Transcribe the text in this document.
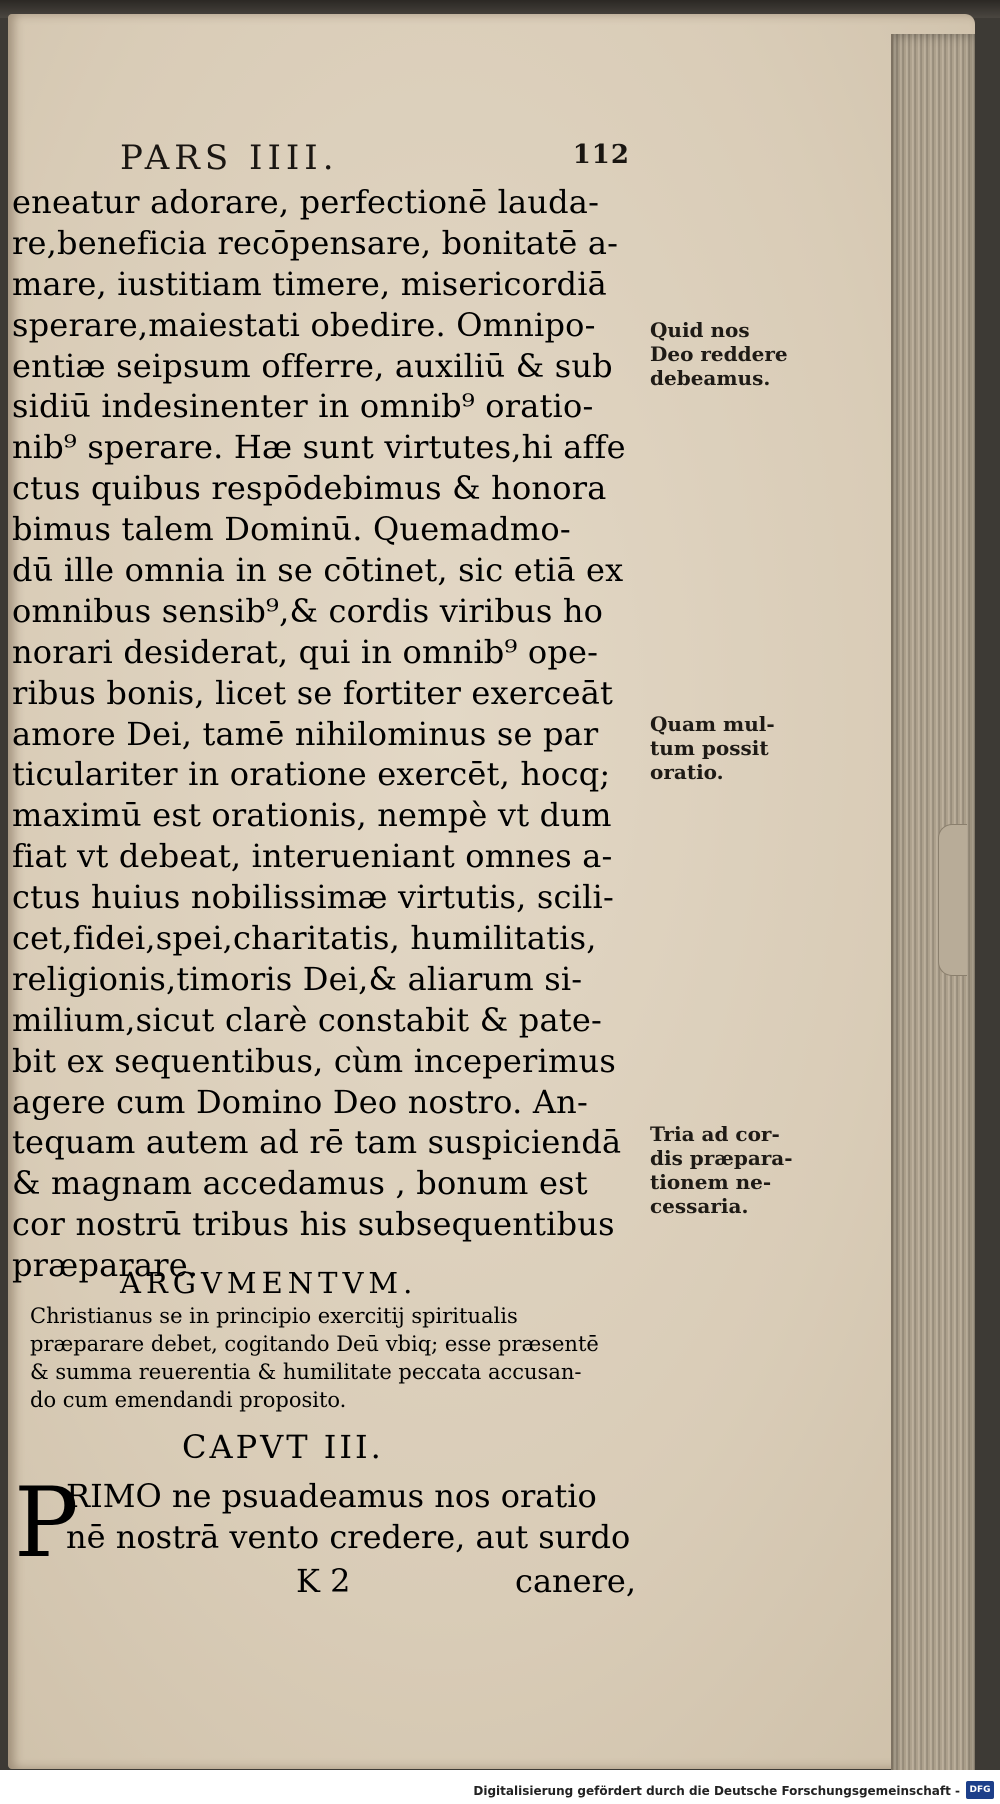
PARS IIII.	112
eneatur adorare, perfectionē lauda-
re,beneficia recōpensare, bonitatē a-
mare, iustitiam timere, misericordiā
sperare,maiestati obedire. Omnipo-
entiæ seipsum offerre, auxiliū & sub
sidiū indesinenter in omnib⁹ oratio-
nib⁹ sperare. Hæ sunt virtutes,hi affe
ctus quibus respōdebimus & honora
bimus talem Dominū. Quemadmo-
dū ille omnia in se cōtinet, sic etiā ex
omnibus sensib⁹,& cordis viribus ho
norari desiderat, qui in omnib⁹ ope-
ribus bonis, licet se fortiter exerceāt
amore Dei, tamē nihilominus se par
ticulariter in oratione exercēt, hocq;
maximū est orationis, nempè vt dum
fiat vt debeat, interueniant omnes a-
ctus huius nobilissimæ virtutis, scili-
cet,fidei,spei,charitatis, humilitatis,
religionis,timoris Dei,& aliarum si-
milium,sicut clarè constabit & pate-
bit ex sequentibus, cùm inceperimus
agere cum Domino Deo nostro. An-
tequam autem ad rē tam suspiciendā
& magnam accedamus , bonum est
cor nostrū tribus his subsequentibus
præparare.
ARGVMENTVM.
Christianus se in principio exercitij spiritualis
præparare debet, cogitando Deū vbiq; esse præsentē
& summa reuerentia & humilitate peccata accusan-
do cum emendandi proposito.
CAPVT III.
P
RIMO ne psuadeamus nos oratio
nē nostrā vento credere, aut surdo
K 2	canere,
Quid nos
Deo reddere
debeamus.
Quam mul-
tum possit
oratio.
Tria ad cor-
dis præpara-
tionem ne-
cessaria.
Digitalisierung gefördert durch die Deutsche Forschungsgemeinschaft -	DFG
